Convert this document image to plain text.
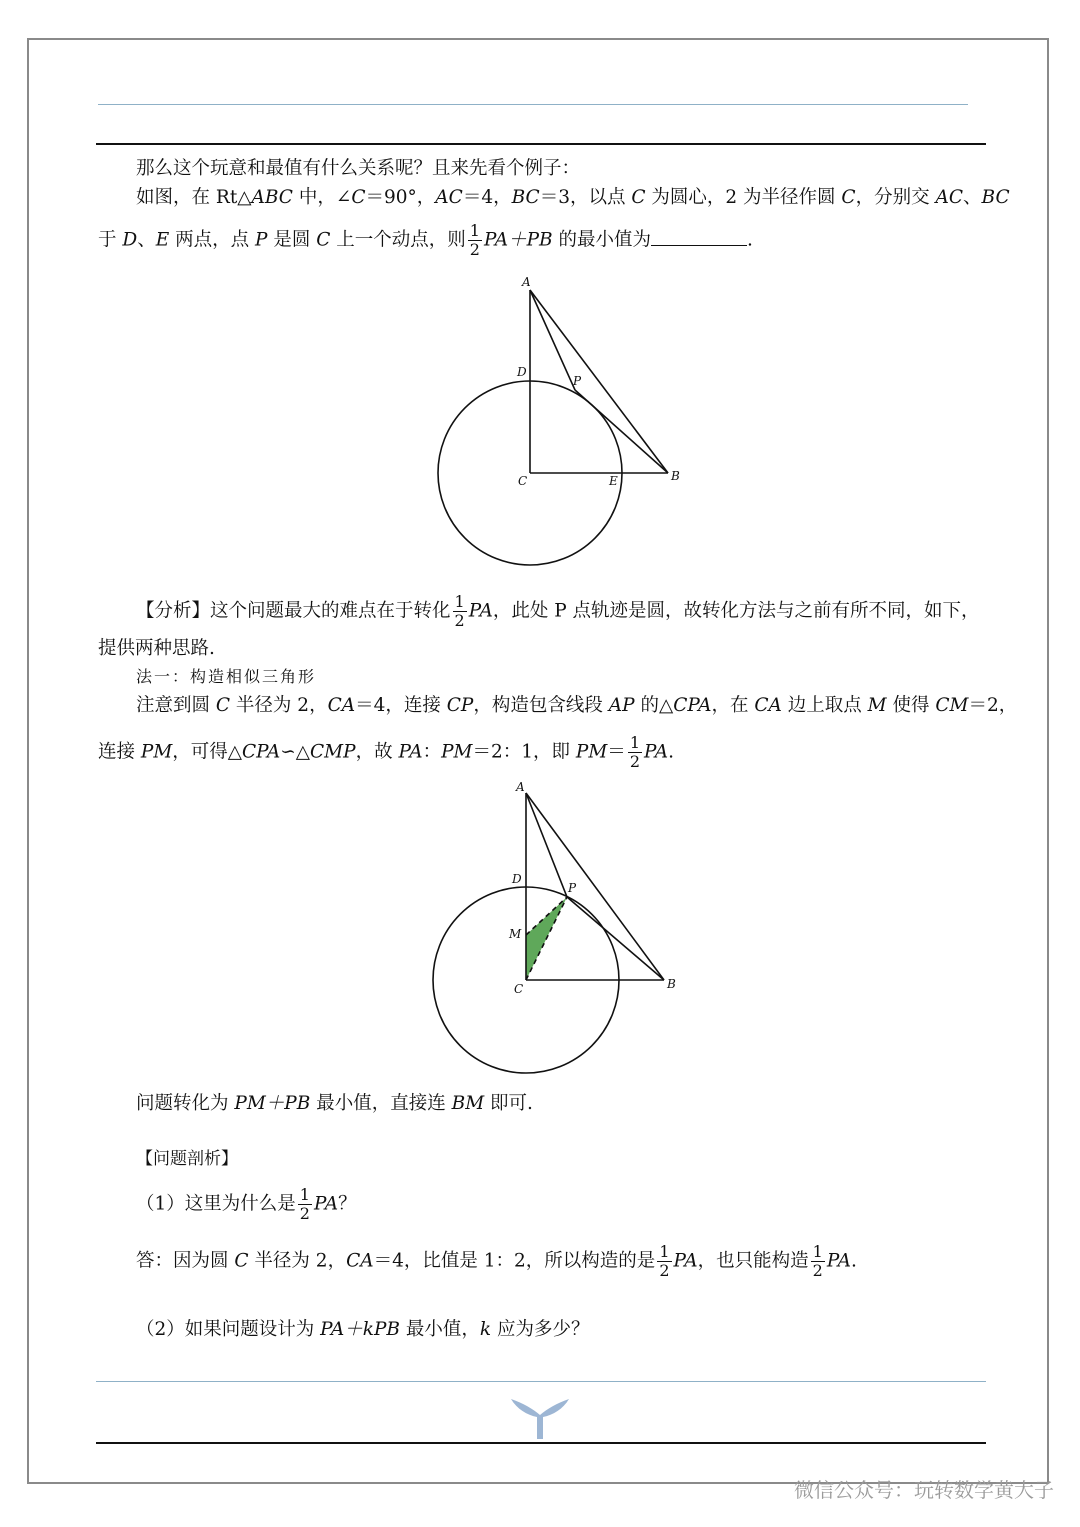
那么这个玩意和最值有什么关系呢？且来先看个例子：
如图，在 Rt△ABC 中，∠C＝90°，AC＝4，BC＝3，以点 C 为圆心，2 为半径作圆 C，分别交 AC、BC
于 D、E 两点，点 P 是圆 C 上一个动点，则 $\frac{1}{2} PA+PB$ 的最小值为	.
A
D
P
C	E	B
【分析】这个问题最大的难点在于转化 $\frac{1}{2}$ PA，此处 P 点轨迹是圆，故转化方法与之前有所不同，如下，
提供两种思路.
法一：构造相似三角形
注意到圆 C 半径为 2，CA＝4，连接 CP，构造包含线段 AP 的△CPA，在 CA 边上取点 M 使得 CM＝2，
连接 PM，可得△CPA∽△CMP，故 PA：PM＝2：1，即 $PM= \frac{1}{2}$ PA.
A
D
P
M
C	B
问题转化为 PM＋PB 最小值，直接连 BM 即可.
【问题剖析】
（1）这里为什么是 $\frac{1}{2}$ PA？
答：因为圆 C 半径为 2，CA＝4，比值是 1：2，所以构造的是 $\frac{1}{2}$ PA，也只能构造 $\frac{1}{2}$ PA.
（2）如果问题设计为 PA＋kPB 最小值，k 应为多少？
微信公众号：玩转数学黄大子
